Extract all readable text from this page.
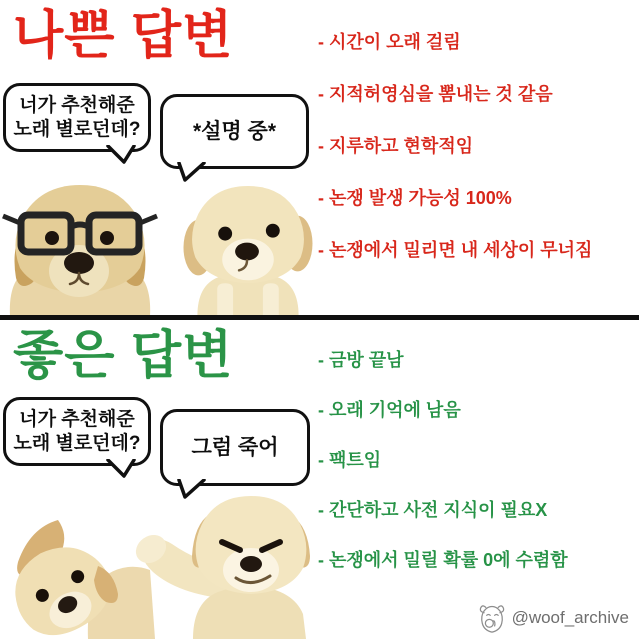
나쁜 답변	- 시간이 오래 걸림
- 지적허영심을 뽐내는 것 같음
- 지루하고 현학적임
- 논쟁 발생 가능성 100%
- 논쟁에서 밀리면 내 세상이 무너짐
너가 추천해준
노래 별로던데? *설명 중*
좋은 답변	- 금방 끝남
- 오래 기억에 남음
- 팩트임
- 간단하고 사전 지식이 필요X
- 논쟁에서 밀릴 확률 0에 수렴함
너가 추천해준
노래 별로던데? 그럼 죽어
@woof_archive
